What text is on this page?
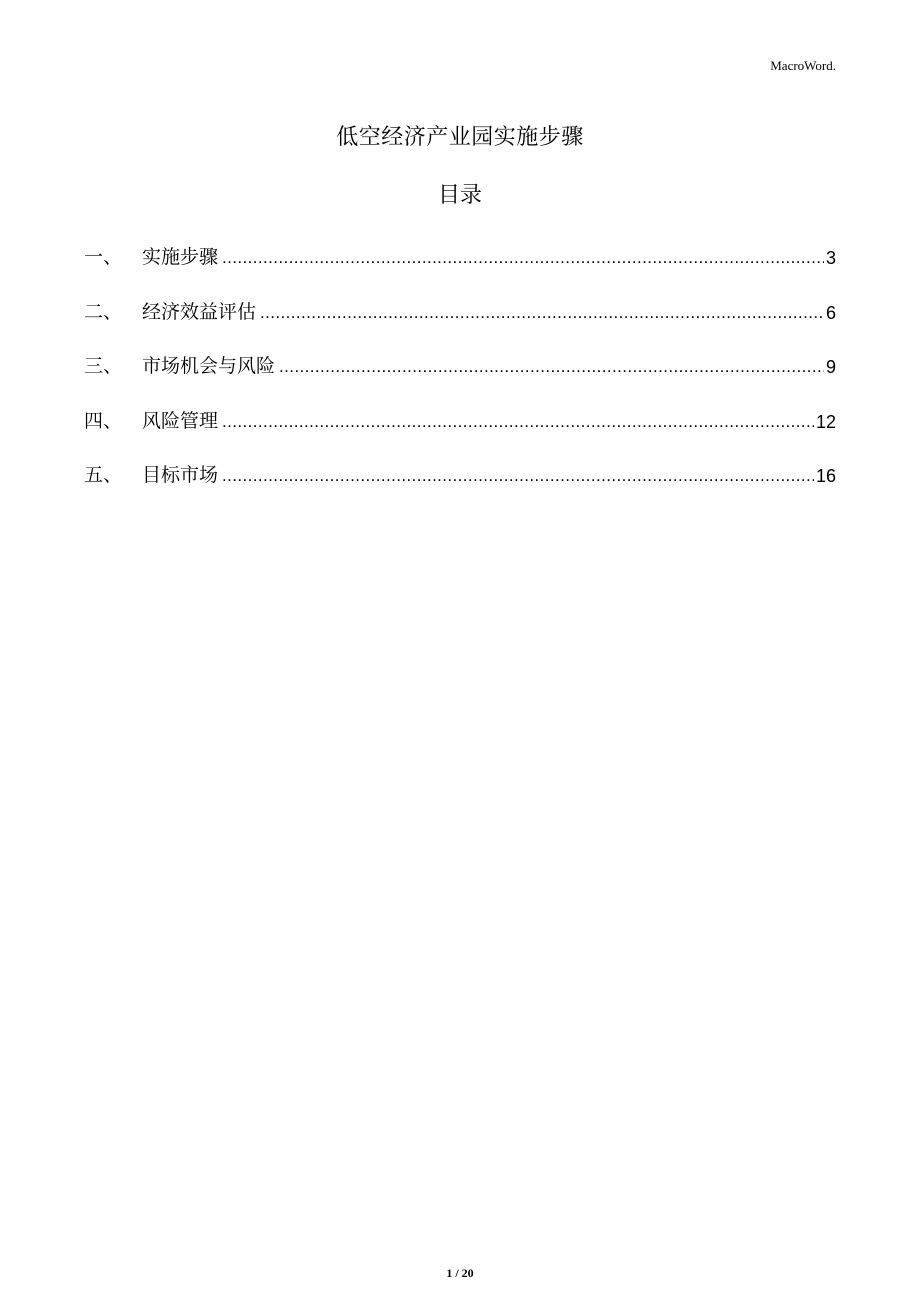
MacroWord.
低空经济产业园实施步骤
目录
一、	实施步骤 .....	3
二、	经济效益评估 .....	6
三、	市场机会与风险 .....	9
四、	风险管理 .....	12
五、	目标市场 .....	16
1 / 20
